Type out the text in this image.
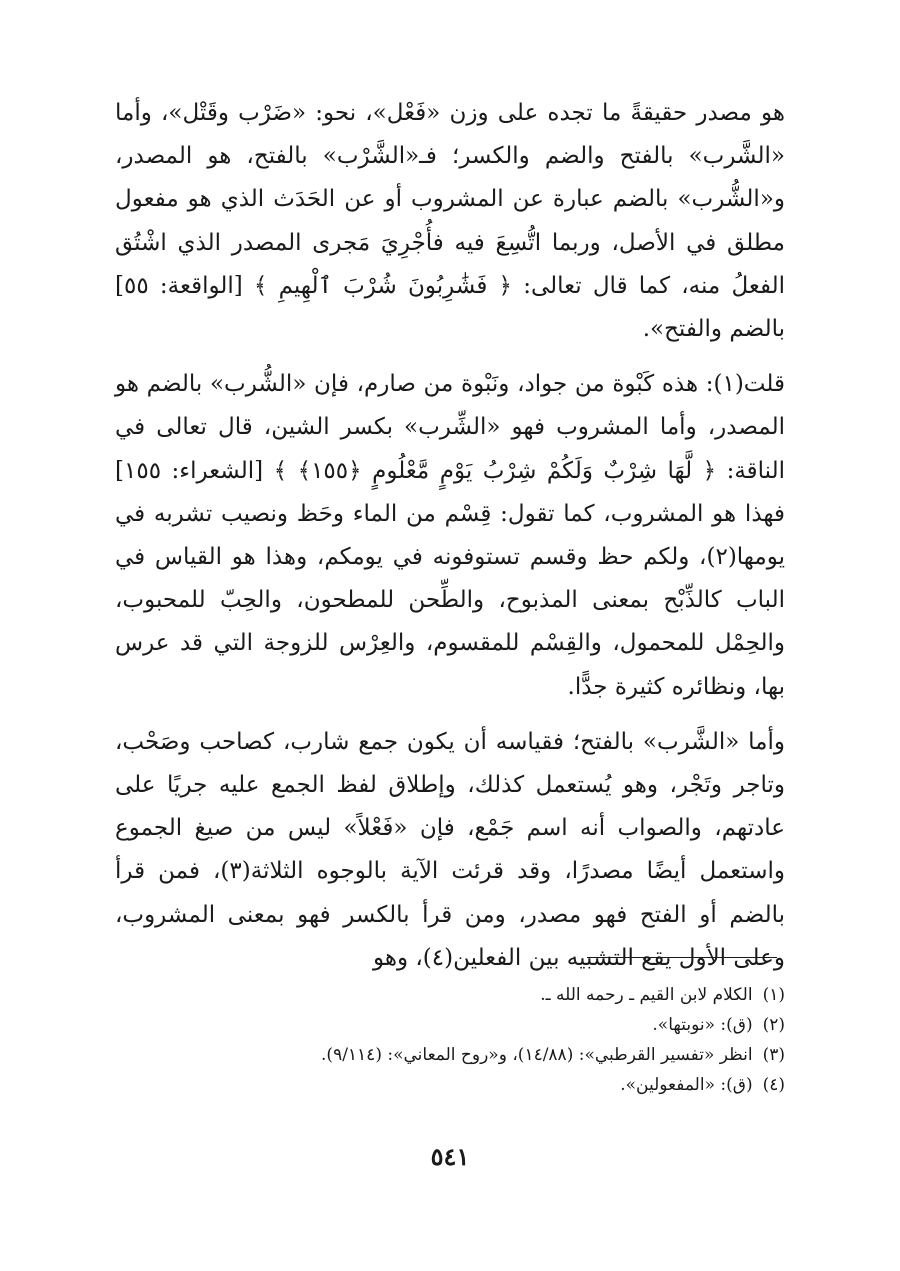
هو مصدر حقيقةً ما تجده على وزن «فَعْل»، نحو: «ضَرْب وقَتْل»، وأما «الشَّرب» بالفتح والضم والكسر؛ فـ«الشَّرْب» بالفتح، هو المصدر، و«الشُّرب» بالضم عبارة عن المشروب أو عن الحَدَث الذي هو مفعول مطلق في الأصل، وربما اتُّسِعَ فيه فأُجْرِيَ مَجرى المصدر الذي اشْتُق الفعلُ منه، كما قال تعالى: ﴿ فَشَٰرِبُونَ شُرْبَ ٱلْهِيمِ ﴾ [الواقعة: ٥٥] بالضم والفتح».

قلت(١): هذه كَبْوة من جواد، ونَبْوة من صارم، فإن «الشُّرب» بالضم هو المصدر، وأما المشروب فهو «الشِّرب» بكسر الشين، قال تعالى في الناقة: ﴿ لَّهَا شِرْبٌ وَلَكُمْ شِرْبُ يَوْمٍ مَّعْلُومٍ ﴿١٥٥﴾ ﴾ [الشعراء: ١٥٥] فهذا هو المشروب، كما تقول: قِسْم من الماء وحَظ ونصيب تشربه في يومها(٢)، ولكم حظ وقسم تستوفونه في يومكم، وهذا هو القياس في الباب كالذِّبْح بمعنى المذبوح، والطِّحن للمطحون، والحِبّ للمحبوب، والحِمْل للمحمول، والقِسْم للمقسوم، والعِرْس للزوجة التي قد عرس بها، ونظائره كثيرة جدًّا.

وأما «الشَّرب» بالفتح؛ فقياسه أن يكون جمع شارب، كصاحب وصَحْب، وتاجر وتَجْر، وهو يُستعمل كذلك، وإطلاق لفظ الجمع عليه جريًا على عادتهم، والصواب أنه اسم جَمْع، فإن «فَعْلاً» ليس من صيغ الجموع واستعمل أيضًا مصدرًا، وقد قرئت الآية بالوجوه الثلاثة(٣)، فمن قرأ بالضم أو الفتح فهو مصدر، ومن قرأ بالكسر فهو بمعنى المشروب، وعلى الأول يقع التشبيه بين الفعلين(٤)، وهو

(١)الكلام لابن القيم ـ رحمه الله ـ.
(٢)(ق): «نوبتها».
(٣)انظر «تفسير القرطبي»: (١٤/٨٨)، و«روح المعاني»: (٩/١١٤).
(٤)(ق): «المفعولين».
٥٤١
